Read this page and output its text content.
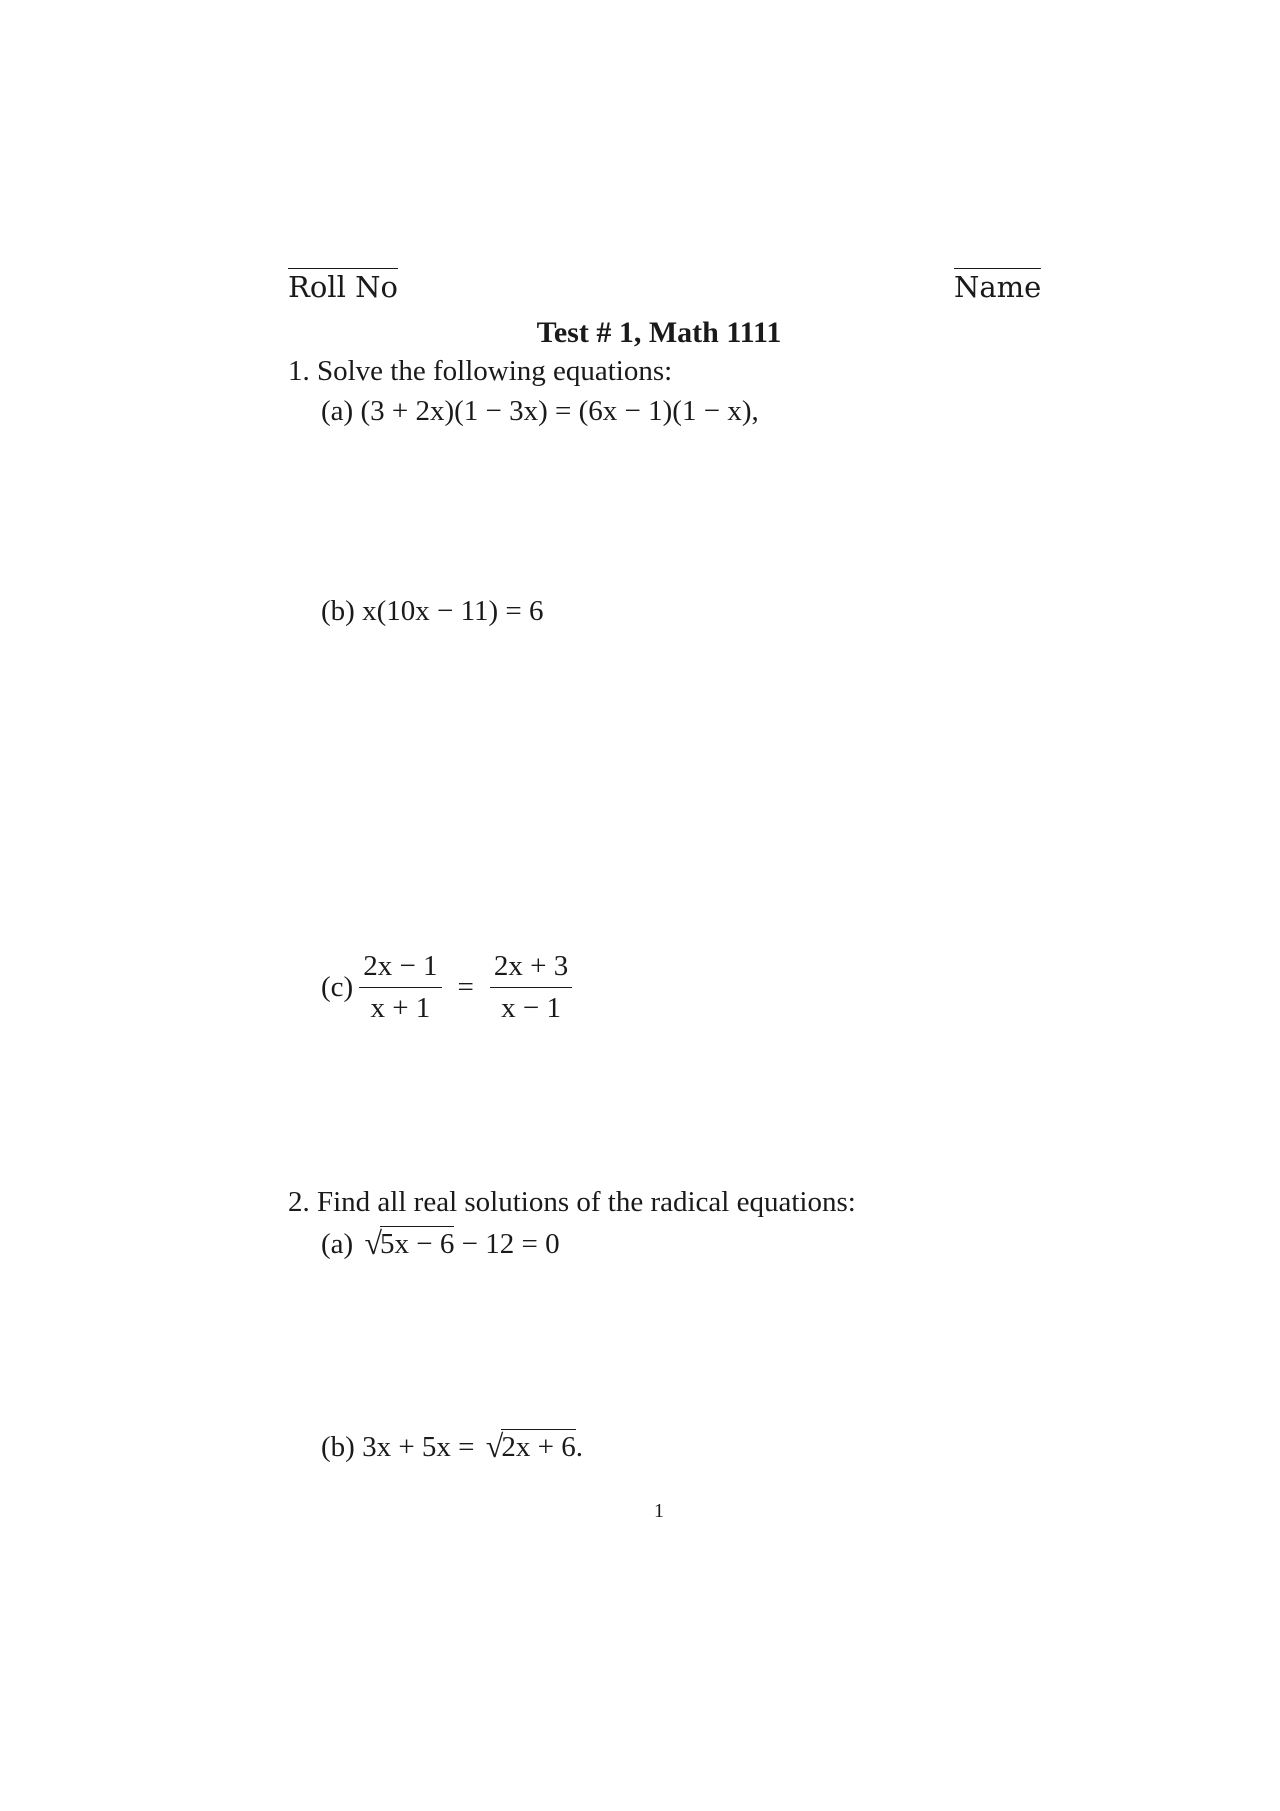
Roll No	Name
Test # 1, Math 1111
1. Solve the following equations:
(a) (3 + 2x)(1 − 3x) = (6x − 1)(1 − x),
(b) x(10x − 11) = 6
$(c) \frac{2x - 1}{x + 1} = \frac{2x + 3}{x - 1}$
2. Find all real solutions of the radical equations:
(a) √5x − 6 − 12 = 0
(b) 3x + 5x = √2x + 6.
1
